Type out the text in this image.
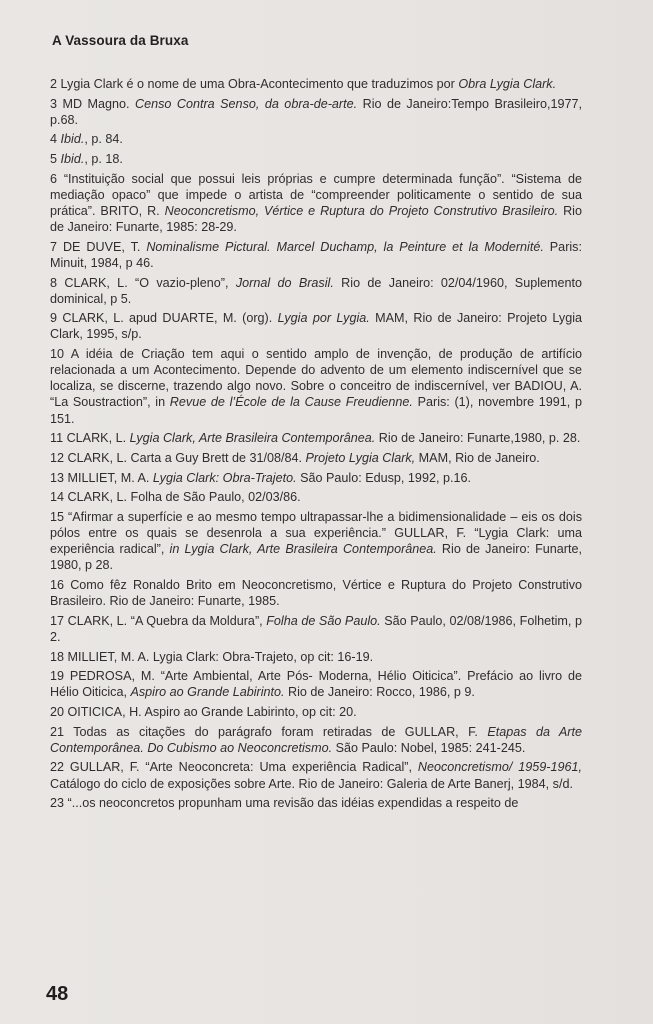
A Vassoura da Bruxa

2 Lygia Clark é o nome de uma Obra-Acontecimento que traduzimos por Obra Lygia Clark.

3 MD Magno. Censo Contra Senso, da obra-de-arte. Rio de Janeiro:Tempo Brasileiro,1977, p.68.

4 Ibid., p. 84.

5 Ibid., p. 18.

6 “Instituição social que possui leis próprias e cumpre determinada função”. “Sistema de mediação opaco” que impede o artista de “compreender politicamente o sentido de sua prática”. BRITO, R. Neoconcretismo, Vértice e Ruptura do Projeto Construtivo Brasileiro. Rio de Janeiro: Funarte, 1985: 28-29.

7 DE DUVE, T. Nominalisme Pictural. Marcel Duchamp, la Peinture et la Modernité. Paris: Minuit, 1984, p 46.

8 CLARK, L. “O vazio-pleno”, Jornal do Brasil. Rio de Janeiro: 02/04/1960, Suplemento dominical, p 5.

9 CLARK, L. apud DUARTE, M. (org). Lygia por Lygia. MAM, Rio de Janeiro: Projeto Lygia Clark, 1995, s/p.

10 A idéia de Criação tem aqui o sentido amplo de invenção, de produção de artifício relacionada a um Acontecimento. Depende do advento de um elemento indiscernível que se localiza, se discerne, trazendo algo novo. Sobre o conceitro de indiscernível, ver BADIOU, A. “La Soustraction”, in Revue de l’École de la Cause Freudienne. Paris: (1), novembre 1991, p 151.

11 CLARK, L. Lygia Clark, Arte Brasileira Contemporânea. Rio de Janeiro: Funarte,1980, p. 28.

12 CLARK, L. Carta a Guy Brett de 31/08/84. Projeto Lygia Clark, MAM, Rio de Janeiro.

13 MILLIET, M. A. Lygia Clark: Obra-Trajeto. São Paulo: Edusp, 1992, p.16.

14 CLARK, L. Folha de São Paulo, 02/03/86.

15 “Afirmar a superfície e ao mesmo tempo ultrapassar-lhe a bidimensionalidade – eis os dois pólos entre os quais se desenrola a sua experiência.” GULLAR, F. “Lygia Clark: uma experiência radical”, in Lygia Clark, Arte Brasileira Contemporânea. Rio de Janeiro: Funarte, 1980, p 28.

16 Como fêz Ronaldo Brito em Neoconcretismo, Vértice e Ruptura do Projeto Construtivo Brasileiro. Rio de Janeiro: Funarte, 1985.

17 CLARK, L. “A Quebra da Moldura”, Folha de São Paulo. São Paulo, 02/08/1986, Folhetim, p 2.

18 MILLIET, M. A. Lygia Clark: Obra-Trajeto, op cit: 16-19.

19 PEDROSA, M. “Arte Ambiental, Arte Pós- Moderna, Hélio Oiticica”. Prefácio ao livro de Hélio Oiticica, Aspiro ao Grande Labirinto. Rio de Janeiro: Rocco, 1986, p 9.

20 OITICICA, H. Aspiro ao Grande Labirinto, op cit: 20.

21 Todas as citações do parágrafo foram retiradas de GULLAR, F. Etapas da Arte Contemporânea. Do Cubismo ao Neoconcretismo. São Paulo: Nobel, 1985: 241-245.

22 GULLAR, F. “Arte Neoconcreta: Uma experiência Radical”, Neoconcretismo/ 1959-1961, Catálogo do ciclo de exposições sobre Arte. Rio de Janeiro: Galeria de Arte Banerj, 1984, s/d.

23 “...os neoconcretos propunham uma revisão das idéias expendidas a respeito de

48
